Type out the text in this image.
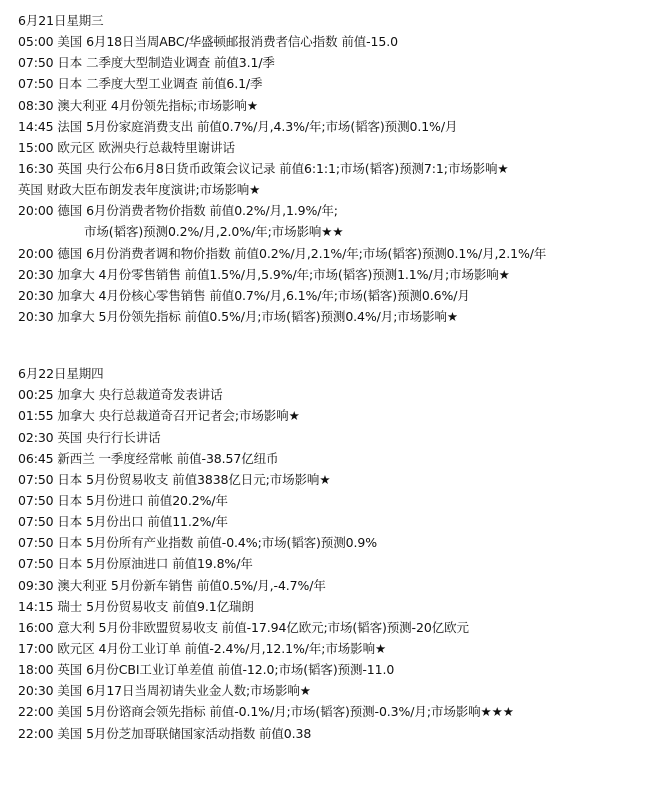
6月21日星期三
05:00 美国 6月18日当周ABC/华盛顿邮报消费者信心指数 前值-15.0
07:50 日本 二季度大型制造业调查 前值3.1/季
07:50 日本 二季度大型工业调查 前值6.1/季
08:30 澳大利亚 4月份领先指标;市场影响★
14:45 法国 5月份家庭消费支出 前值0.7%/月,4.3%/年;市场(韬客)预测0.1%/月
15:00 欧元区 欧洲央行总裁特里谢讲话
16:30 英国 央行公布6月8日货币政策会议记录 前值6:1:1;市场(韬客)预测7:1;市场影响★
英国 财政大臣布朗发表年度演讲;市场影响★
20:00 德国 6月份消费者物价指数 前值0.2%/月,1.9%/年;
市场(韬客)预测0.2%/月,2.0%/年;市场影响★★
20:00 德国 6月份消费者调和物价指数 前值0.2%/月,2.1%/年;市场(韬客)预测0.1%/月,2.1%/年
20:30 加拿大 4月份零售销售 前值1.5%/月,5.9%/年;市场(韬客)预测1.1%/月;市场影响★
20:30 加拿大 4月份核心零售销售 前值0.7%/月,6.1%/年;市场(韬客)预测0.6%/月
20:30 加拿大 5月份领先指标 前值0.5%/月;市场(韬客)预测0.4%/月;市场影响★
6月22日星期四
00:25 加拿大 央行总裁道奇发表讲话
01:55 加拿大 央行总裁道奇召开记者会;市场影响★
02:30 英国 央行行长讲话
06:45 新西兰 一季度经常帐 前值-38.57亿纽币
07:50 日本 5月份贸易收支 前值3838亿日元;市场影响★
07:50 日本 5月份进口 前值20.2%/年
07:50 日本 5月份出口 前值11.2%/年
07:50 日本 5月份所有产业指数 前值-0.4%;市场(韬客)预测0.9%
07:50 日本 5月份原油进口 前值19.8%/年
09:30 澳大利亚 5月份新车销售 前值0.5%/月,-4.7%/年
14:15 瑞士 5月份贸易收支 前值9.1亿瑞朗
16:00 意大利 5月份非欧盟贸易收支 前值-17.94亿欧元;市场(韬客)预测-20亿欧元
17:00 欧元区 4月份工业订单 前值-2.4%/月,12.1%/年;市场影响★
18:00 英国 6月份CBI工业订单差值 前值-12.0;市场(韬客)预测-11.0
20:30 美国 6月17日当周初请失业金人数;市场影响★
22:00 美国 5月份谘商会领先指标 前值-0.1%/月;市场(韬客)预测-0.3%/月;市场影响★★★
22:00 美国 5月份芝加哥联储国家活动指数 前值0.38
